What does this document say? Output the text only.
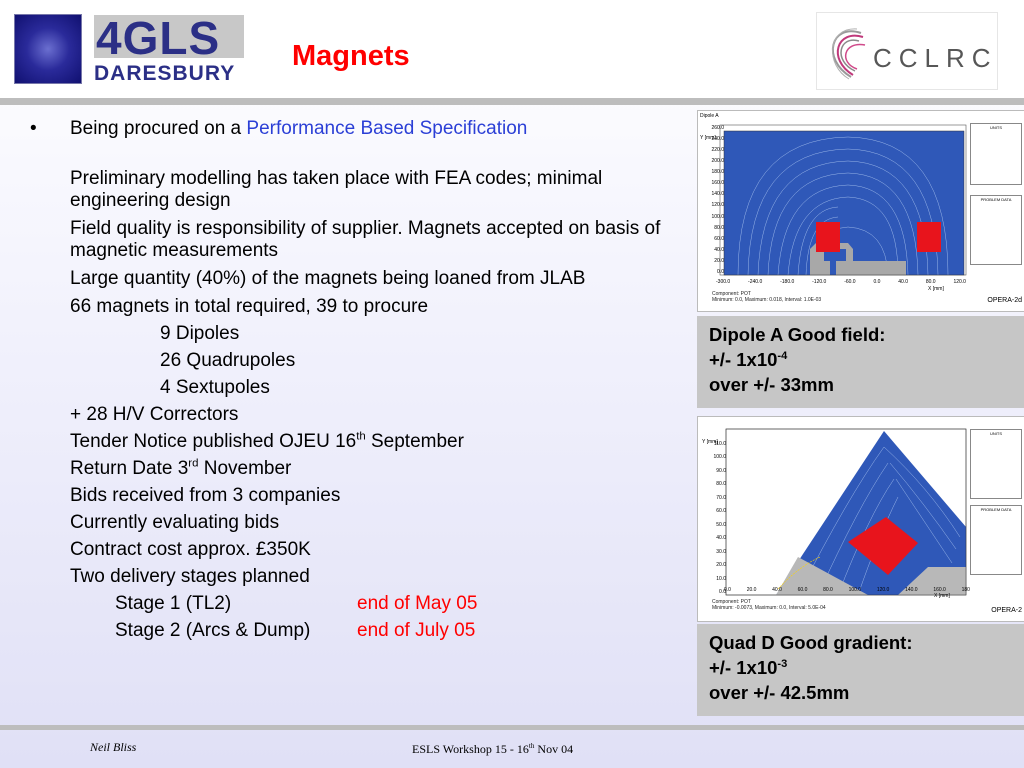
4GLS
DARESBURY
Magnets	CCLRC
• Being procured on a Performance Based Specification
Preliminary modelling has taken place with FEA codes; minimal engineering design
Field quality is responsibility of supplier. Magnets accepted on basis of magnetic measurements
Large quantity (40%) of the magnets being loaned from JLAB
66 magnets in total required, 39 to procure
9 Dipoles
26 Quadrupoles
4 Sextupoles
+ 28 H/V Correctors
Tender Notice published OJEU 16th September
Return Date 3rd November
Bids received from 3 companies
Currently evaluating bids
Contract cost approx. £350K
Two delivery stages planned
Stage 1 (TL2)	end of May 05
Stage 2 (Arcs & Dump) end of July 05
Dipole A
Y [mm]
X [mm]
260.0
240.0
220.0
200.0
180.0
160.0
140.0
120.0
100.0
80.0
60.0
40.0
20.0
0.0
-300.0	-240.0	-180.0	-120.0	-60.0	0.0	40.0	80.0	120.0
Component: POT
Minimum: 0.0, Maximum: 0.018, Interval: 1.0E-03
UNITS
PROBLEM DATA
OPERA-2d
Dipole A Good field:
+/- $1x10^{-4}$
over +/- 33mm
Y [mm]
X [mm]
110.0
100.0
90.0
80.0
70.0
60.0
50.0
40.0
30.0
20.0
10.0
0.0
0.0	20.0	40.0	60.0	80.0	100.0	120.0	140.0	160.0	180
Component: POT
Minimum: -0.0073, Maximum: 0.0, Interval: 5.0E-04
UNITS
PROBLEM DATA
OPERA-2
Quad D Good gradient:
+/- $1x10^{-3}$
over +/- 42.5mm
Neil Bliss	ESLS Workshop 15 - 16th Nov 04
